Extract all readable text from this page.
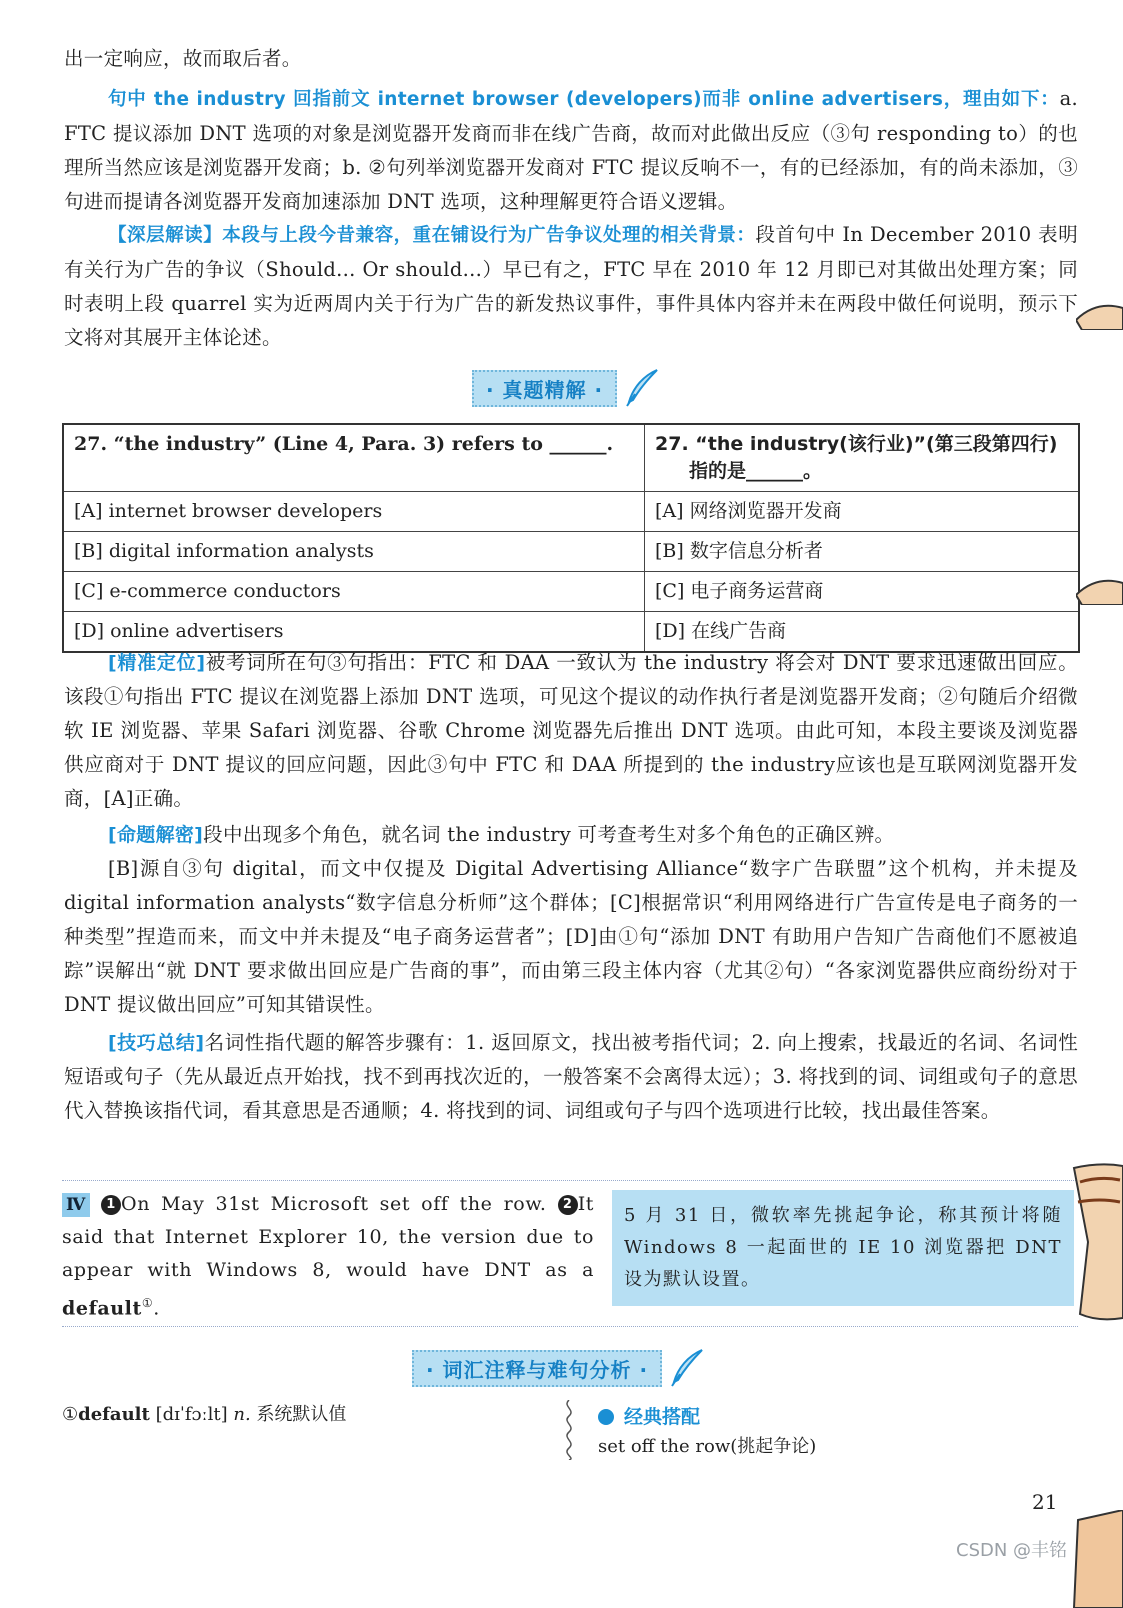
出一定响应，故而取后者。

句中 the industry 回指前文 internet browser (developers)而非 online advertisers，理由如下：a. FTC 提议添加 DNT 选项的对象是浏览器开发商而非在线广告商，故而对此做出反应（③句 responding to）的也理所当然应该是浏览器开发商；b. ②句列举浏览器开发商对 FTC 提议反响不一，有的已经添加，有的尚未添加，③句进而提请各浏览器开发商加速添加 DNT 选项，这种理解更符合语义逻辑。

【深层解读】本段与上段今昔兼容，重在铺设行为广告争议处理的相关背景：段首句中 In December 2010 表明有关行为广告的争议（Should... Or should...）早已有之，FTC 早在 2010 年 12 月即已对其做出处理方案；同时表明上段 quarrel 实为近两周内关于行为广告的新发热议事件，事件具体内容并未在两段中做任何说明，预示下文将对其展开主体论述。

· 真题精解 ·
27. “the industry” (Line 4, Para. 3) refers to ______.	27. “the industry(该行业)”(第三段第四行)
指的是______。

[A] internet browser developers	[A] 网络浏览器开发商
[B] digital information analysts	[B] 数字信息分析者
[C] e-commerce conductors	[C] 电子商务运营商
[D] online advertisers	[D] 在线广告商

[精准定位]被考词所在句③句指出：FTC 和 DAA 一致认为 the industry 将会对 DNT 要求迅速做出回应。该段①句指出 FTC 提议在浏览器上添加 DNT 选项，可见这个提议的动作执行者是浏览器开发商；②句随后介绍微软 IE 浏览器、苹果 Safari 浏览器、谷歌 Chrome 浏览器先后推出 DNT 选项。由此可知，本段主要谈及浏览器供应商对于 DNT 提议的回应问题，因此③句中 FTC 和 DAA 所提到的 the industry应该也是互联网浏览器开发商，[A]正确。

[命题解密]段中出现多个角色，就名词 the industry 可考查考生对多个角色的正确区辨。

[B]源自③句 digital，而文中仅提及 Digital Advertising Alliance“数字广告联盟”这个机构，并未提及 digital information analysts“数字信息分析师”这个群体；[C]根据常识“利用网络进行广告宣传是电子商务的一种类型”捏造而来，而文中并未提及“电子商务运营者”；[D]由①句“添加 DNT 有助用户告知广告商他们不愿被追踪”误解出“就 DNT 要求做出回应是广告商的事”，而由第三段主体内容（尤其②句）“各家浏览器供应商纷纷对于 DNT 提议做出回应”可知其错误性。

[技巧总结]名词性指代题的解答步骤有：1. 返回原文，找出被考指代词；2. 向上搜索，找最近的名词、名词性短语或句子（先从最近点开始找，找不到再找次近的，一般答案不会离得太远）；3. 将找到的词、词组或句子的意思代入替换该指代词，看其意思是否通顺；4. 将找到的词、词组或句子与四个选项进行比较，找出最佳答案。

Ⅳ 1 On May 31st Microsoft set off the row. 2 It said that Internet Explorer 10, the version due to appear with Windows 8, would have DNT as a default①.
5 月 31 日，微软率先挑起争论，称其预计将随 Windows 8 一起面世的 IE 10 浏览器把 DNT 设为默认设置。
· 词汇注释与难句分析 ·
①default [dɪˈfɔːlt] n. 系统默认值	经典搭配
set off the row(挑起争论)
21
CSDN @丰铭
